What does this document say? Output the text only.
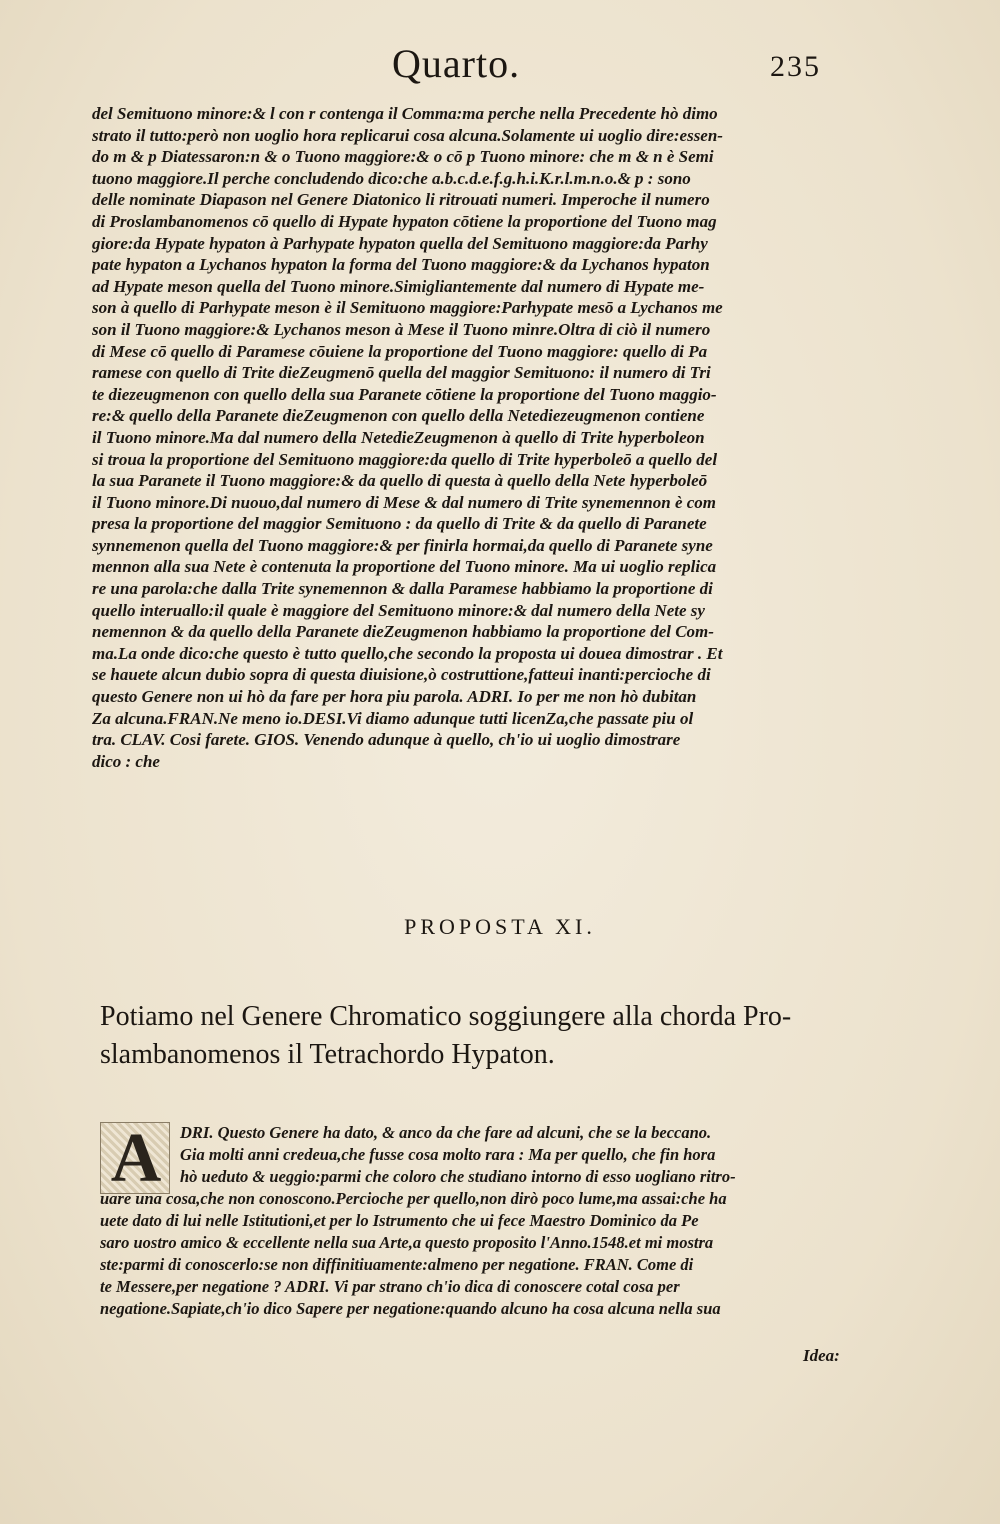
Quarto.	235
del Semituono minore:& l con r contenga il Comma:ma perche nella Precedente hò dimo
strato il tutto:però non uoglio hora replicarui cosa alcuna.Solamente ui uoglio dire:essen-
do m & p Diatessaron:n & o Tuono maggiore:& o cō p Tuono minore: che m & n è Semi
tuono maggiore.Il perche concludendo dico:che a.b.c.d.e.f.g.h.i.K.r.l.m.n.o.& p : sono
delle nominate Diapason nel Genere Diatonico li ritrouati numeri. Imperoche il numero
di Proslambanomenos cō quello di Hypate hypaton cōtiene la proportione del Tuono mag
giore:da Hypate hypaton à Parhypate hypaton quella del Semituono maggiore:da Parhy
pate hypaton a Lychanos hypaton la forma del Tuono maggiore:& da Lychanos hypaton
ad Hypate meson quella del Tuono minore.Simigliantemente dal numero di Hypate me-
son à quello di Parhypate meson è il Semituono maggiore:Parhypate mesō a Lychanos me
son il Tuono maggiore:& Lychanos meson à Mese il Tuono minre.Oltra di ciò il numero
di Mese cō quello di Paramese cōuiene la proportione del Tuono maggiore: quello di Pa
ramese con quello di Trite dieZeugmenō quella del maggior Semituono: il numero di Tri
te diezeugmenon con quello della sua Paranete cōtiene la proportione del Tuono maggio-
re:& quello della Paranete dieZeugmenon con quello della Netediezeugmenon contiene
il Tuono minore.Ma dal numero della NetedieZeugmenon à quello di Trite hyperboleon
si troua la proportione del Semituono maggiore:da quello di Trite hyperboleō a quello del
la sua Paranete il Tuono maggiore:& da quello di questa à quello della Nete hyperboleō
il Tuono minore.Di nuouo,dal numero di Mese & dal numero di Trite synemennon è com
presa la proportione del maggior Semituono : da quello di Trite & da quello di Paranete
synnemenon quella del Tuono maggiore:& per finirla hormai,da quello di Paranete syne
mennon alla sua Nete è contenuta la proportione del Tuono minore. Ma ui uoglio replica
re una parola:che dalla Trite synemennon & dalla Paramese habbiamo la proportione di
quello interuallo:il quale è maggiore del Semituono minore:& dal numero della Nete sy
nemennon & da quello della Paranete dieZeugmenon habbiamo la proportione del Com-
ma.La onde dico:che questo è tutto quello,che secondo la proposta ui douea dimostrar . Et
se hauete alcun dubio sopra di questa diuisione,ò costruttione,fatteui inanti:percioche di
questo Genere non ui hò da fare per hora piu parola. ADRI. Io per me non hò dubitan
Za alcuna.FRAN.Ne meno io.DESI.Vi diamo adunque tutti licenZa,che passate piu ol
tra. CLAV. Cosi farete. GIOS. Venendo adunque à quello, ch'io ui uoglio dimostrare
dico : che
PROPOSTA XI.
Potiamo nel Genere Chromatico soggiungere alla chorda Pro-
slambanomenos il Tetrachordo Hypaton.
A	DRI. Questo Genere ha dato, & anco da che fare ad alcuni, che se la beccano.
Gia molti anni credeua,che fusse cosa molto rara : Ma per quello, che fin hora
hò ueduto & ueggio:parmi che coloro che studiano intorno di esso uogliano ritro-
uare una cosa,che non conoscono.Percioche per quello,non dirò poco lume,ma assai:che ha
uete dato di lui nelle Istitutioni,et per lo Istrumento che ui fece Maestro Dominico da Pe
saro uostro amico & eccellente nella sua Arte,a questo proposito l'Anno.1548.et mi mostra
ste:parmi di conoscerlo:se non diffinitiuamente:almeno per negatione. FRAN. Come di
te Messere,per negatione ? ADRI. Vi par strano ch'io dica di conoscere cotal cosa per
negatione.Sapiate,ch'io dico Sapere per negatione:quando alcuno ha cosa alcuna nella sua
Idea:
